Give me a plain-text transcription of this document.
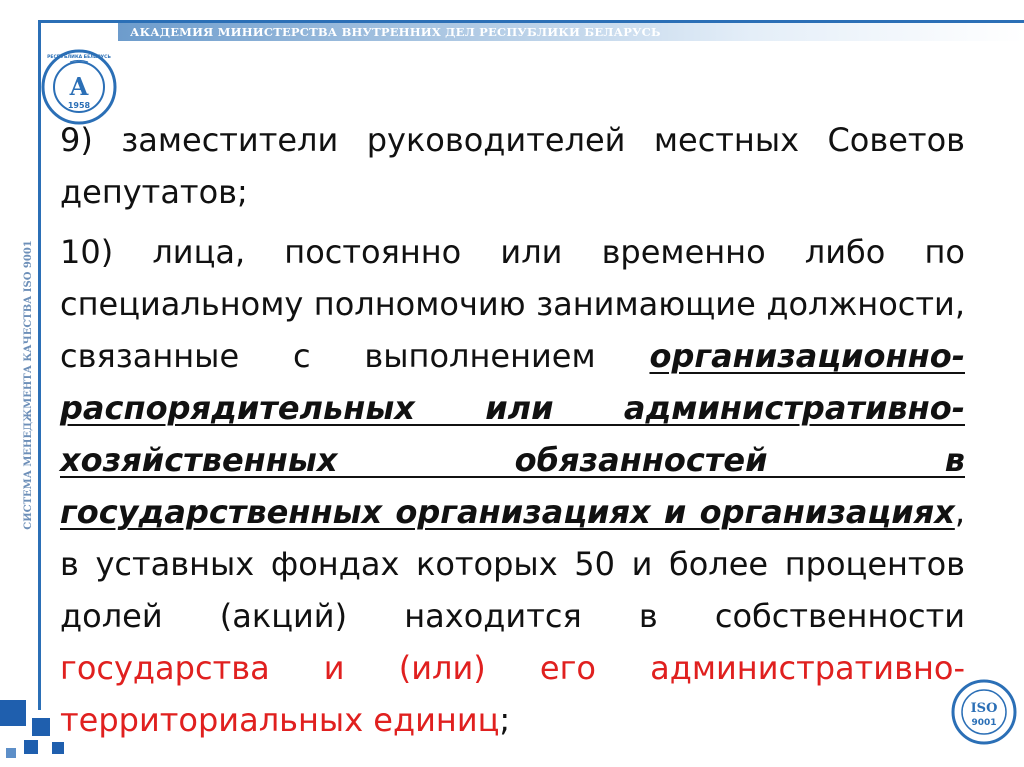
АКАДЕМИЯ МИНИСТЕРСТВА ВНУТРЕННИХ ДЕЛ РЕСПУБЛИКИ БЕЛАРУСЬ
СИСТЕМА МЕНЕДЖМЕНТА КАЧЕСТВА ISO 9001
А
1958
РЕСПУБЛИКА БЕЛАРУСЬ
ISO
9001

9) заместители руководителей местных Советов депутатов;

10) лица, постоянно или временно либо по специальному полномочию занимающие должности, связанные с выполнением организационно-распорядительных или административно-хозяйственных обязанностей в государственных организациях и организациях, в уставных фондах которых 50 и более процентов долей (акций) находится в собственности государства и (или) его административно-территориальных единиц;
